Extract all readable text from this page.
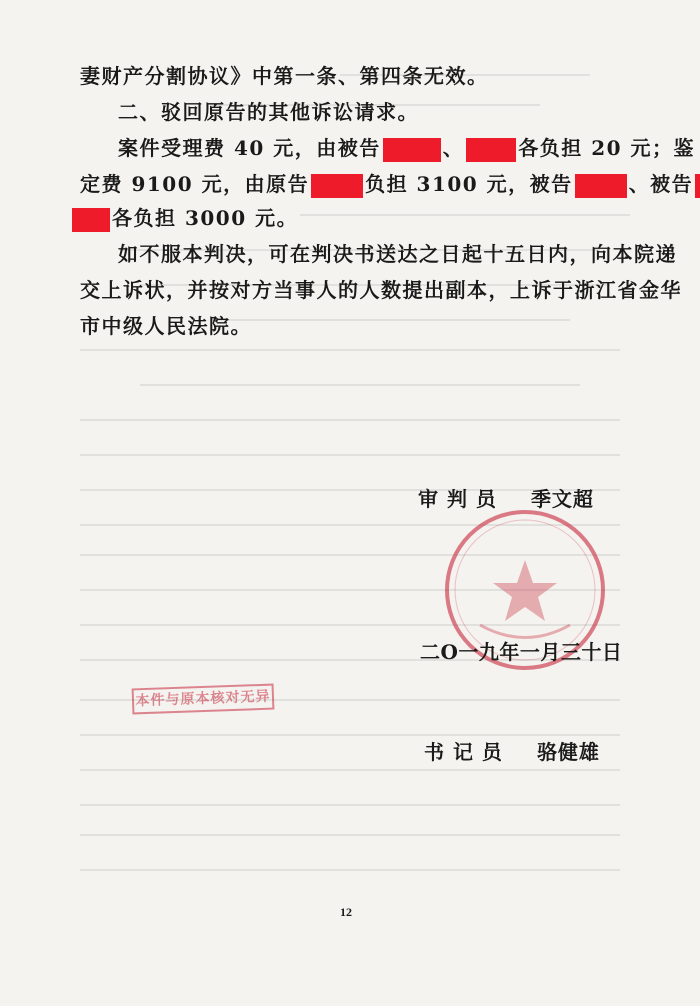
妻财产分割协议》中第一条、第四条无效。
二、驳回原告的其他诉讼请求。
案件受理费 40 元，由被告	、	各负担 20 元；鉴
定费 9100 元，由原告	负担 3100 元，被告	、被告
各负担 3000 元。
如不服本判决，可在判决书送达之日起十五日内，向本院递
交上诉状，并按对方当事人的人数提出副本，上诉于浙江省金华
市中级人民法院。
审 判 员 季文超
二O一九年一月三十日
本件与原本核对无异
书 记 员 骆健雄
12
